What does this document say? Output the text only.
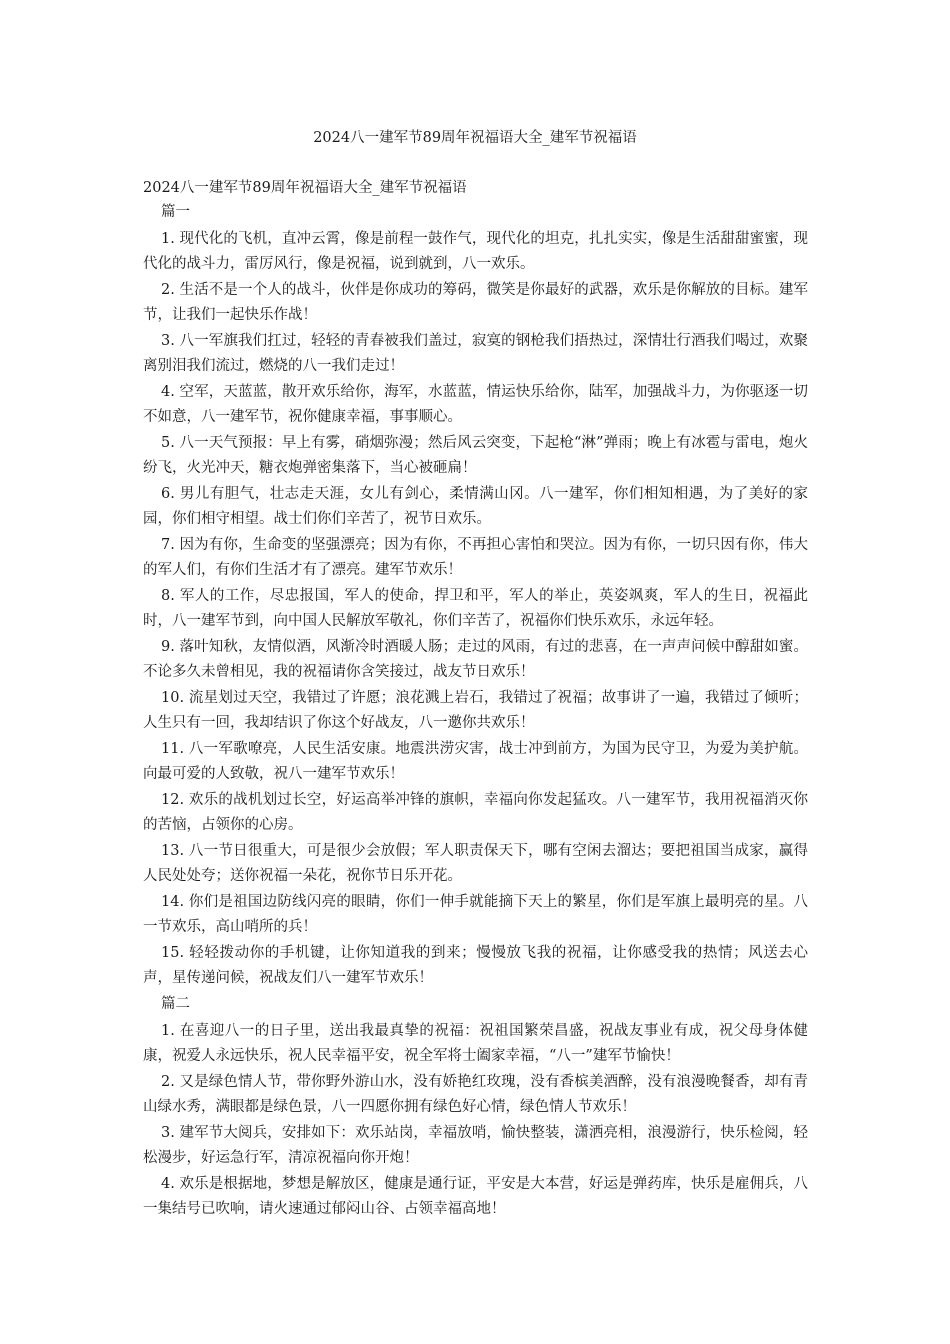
2024八一建军节89周年祝福语大全_建军节祝福语

2024八一建军节89周年祝福语大全_建军节祝福语

篇一

1. 现代化的飞机，直冲云霄，像是前程一鼓作气，现代化的坦克，扎扎实实，像是生活甜甜蜜蜜，现代化的战斗力，雷厉风行，像是祝福，说到就到，八一欢乐。

2. 生活不是一个人的战斗，伙伴是你成功的筹码，微笑是你最好的武器，欢乐是你解放的目标。建军节，让我们一起快乐作战！

3. 八一军旗我们扛过，轻轻的青春被我们盖过，寂寞的钢枪我们捂热过，深情壮行酒我们喝过，欢聚离别泪我们流过，燃烧的八一我们走过！

4. 空军，天蓝蓝，散开欢乐给你，海军，水蓝蓝，情运快乐给你，陆军，加强战斗力，为你驱逐一切不如意，八一建军节，祝你健康幸福，事事顺心。

5. 八一天气预报：早上有雾，硝烟弥漫；然后风云突变，下起枪“淋”弹雨；晚上有冰雹与雷电，炮火纷飞，火光冲天，糖衣炮弹密集落下，当心被砸扁！

6. 男儿有胆气，壮志走天涯，女儿有剑心，柔情满山冈。八一建军，你们相知相遇，为了美好的家园，你们相守相望。战士们你们辛苦了，祝节日欢乐。

7. 因为有你，生命变的坚强漂亮；因为有你，不再担心害怕和哭泣。因为有你，一切只因有你，伟大的军人们，有你们生活才有了漂亮。建军节欢乐！

8. 军人的工作，尽忠报国，军人的使命，捍卫和平，军人的举止，英姿飒爽，军人的生日，祝福此时，八一建军节到，向中国人民解放军敬礼，你们辛苦了，祝福你们快乐欢乐，永远年轻。

9. 落叶知秋，友情似酒，风渐冷时酒暖人肠；走过的风雨，有过的悲喜，在一声声问候中醇甜如蜜。不论多久未曾相见，我的祝福请你含笑接过，战友节日欢乐！

10. 流星划过天空，我错过了许愿；浪花溅上岩石，我错过了祝福；故事讲了一遍，我错过了倾听；人生只有一回，我却结识了你这个好战友，八一邀你共欢乐！

11. 八一军歌嘹亮，人民生活安康。地震洪涝灾害，战士冲到前方，为国为民守卫，为爱为美护航。向最可爱的人致敬，祝八一建军节欢乐！

12. 欢乐的战机划过长空，好运高举冲锋的旗帜，幸福向你发起猛攻。八一建军节，我用祝福消灭你的苦恼，占领你的心房。

13. 八一节日很重大，可是很少会放假；军人职责保天下，哪有空闲去溜达；要把祖国当成家，赢得人民处处夸；送你祝福一朵花，祝你节日乐开花。

14. 你们是祖国边防线闪亮的眼睛，你们一伸手就能摘下天上的繁星，你们是军旗上最明亮的星。八一节欢乐，高山哨所的兵！

15. 轻轻拨动你的手机键，让你知道我的到来；慢慢放飞我的祝福，让你感受我的热情；风送去心声，星传递问候，祝战友们八一建军节欢乐！

篇二

1. 在喜迎八一的日子里，送出我最真挚的祝福：祝祖国繁荣昌盛，祝战友事业有成，祝父母身体健康，祝爱人永远快乐，祝人民幸福平安，祝全军将士阖家幸福，“八一”建军节愉快！

2. 又是绿色情人节，带你野外游山水，没有娇艳红玫瑰，没有香槟美酒醉，没有浪漫晚餐香，却有青山绿水秀，满眼都是绿色景，八一四愿你拥有绿色好心情，绿色情人节欢乐！

3. 建军节大阅兵，安排如下：欢乐站岗，幸福放哨，愉快整装，潇洒亮相，浪漫游行，快乐检阅，轻松漫步，好运急行军，清凉祝福向你开炮！

4. 欢乐是根据地，梦想是解放区，健康是通行证，平安是大本营，好运是弹药库，快乐是雇佣兵，八一集结号已吹响，请火速通过郁闷山谷、占领幸福高地！
